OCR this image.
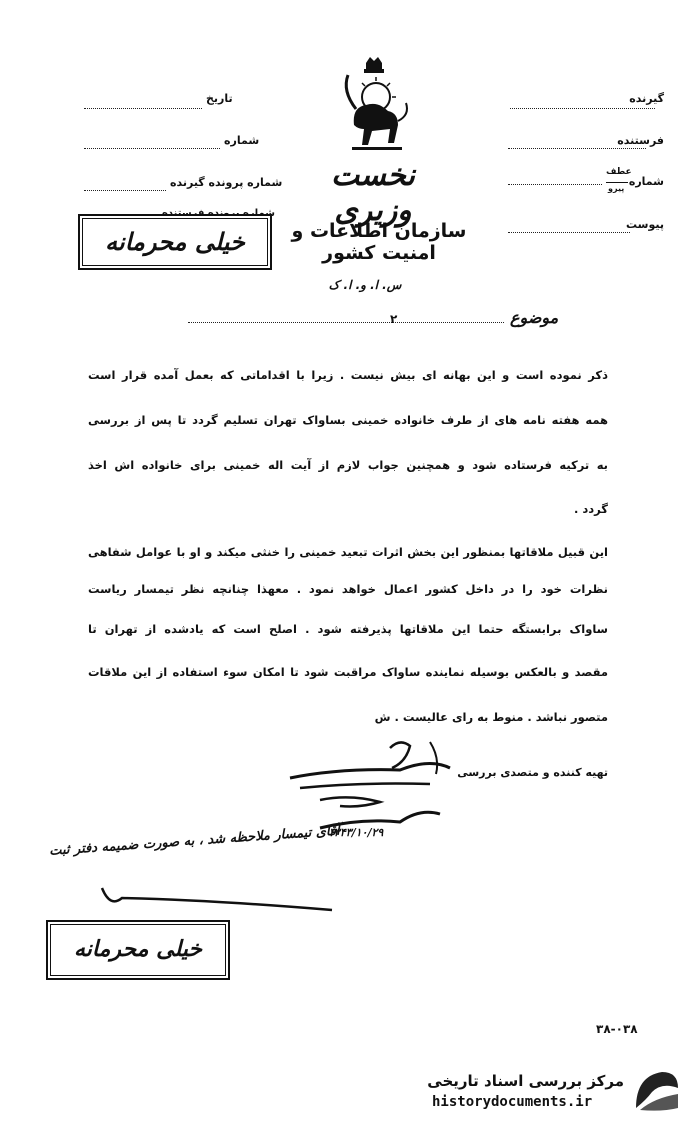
نخست وزیری
سازمان اطلاعات و امنیت کشور
س. ا. و. ا. ک
گیرنده
فرستنده
شماره
عطف
پیرو
پیوست
تاریخ
شماره
شماره پرونده گیرنده
شماره پرونده فرستنده
خیلی محرمانه
موضوع
۲
ذکر نموده است و این بهانه ای بیش نیست . زیرا با اقداماتی که بعمل آمده قرار است
همه هفته نامه های از طرف خانواده خمینی بساواک تهران تسلیم گردد تا پس از بررسی
به ترکیه فرستاده شود و همچنین جواب لازم از آیت اله خمینی برای خانواده اش اخذ
گردد .
این قبیل ملاقاتها بمنظور این بخش اثرات تبعید خمینی را خنثی میکند و او با عوامل شفاهی
نظرات خود را در داخل کشور اعمال خواهد نمود . معهذا چنانچه نظر تیمسار ریاست
ساواک برابستگه حتما این ملاقاتها پذیرفته شود . اصلح است که یادشده از تهران تا
مقصد و بالعکس بوسیله نماینده ساواک مراقبت شود تا امکان سوء استفاده از این ملاقات
متصور نباشد . منوط به رای عالیست . ش
تهیه کننده و متصدی بررسی
۱۳۴۳/۱۰/۲۹
آقای تیمسار ملاحظه شد ، به صورت ضمیمه دفتر ثبت
خیلی محرمانه
۳۸-۰۳۸
مرکز بررسی اسناد تاریخی
historydocuments.ir
